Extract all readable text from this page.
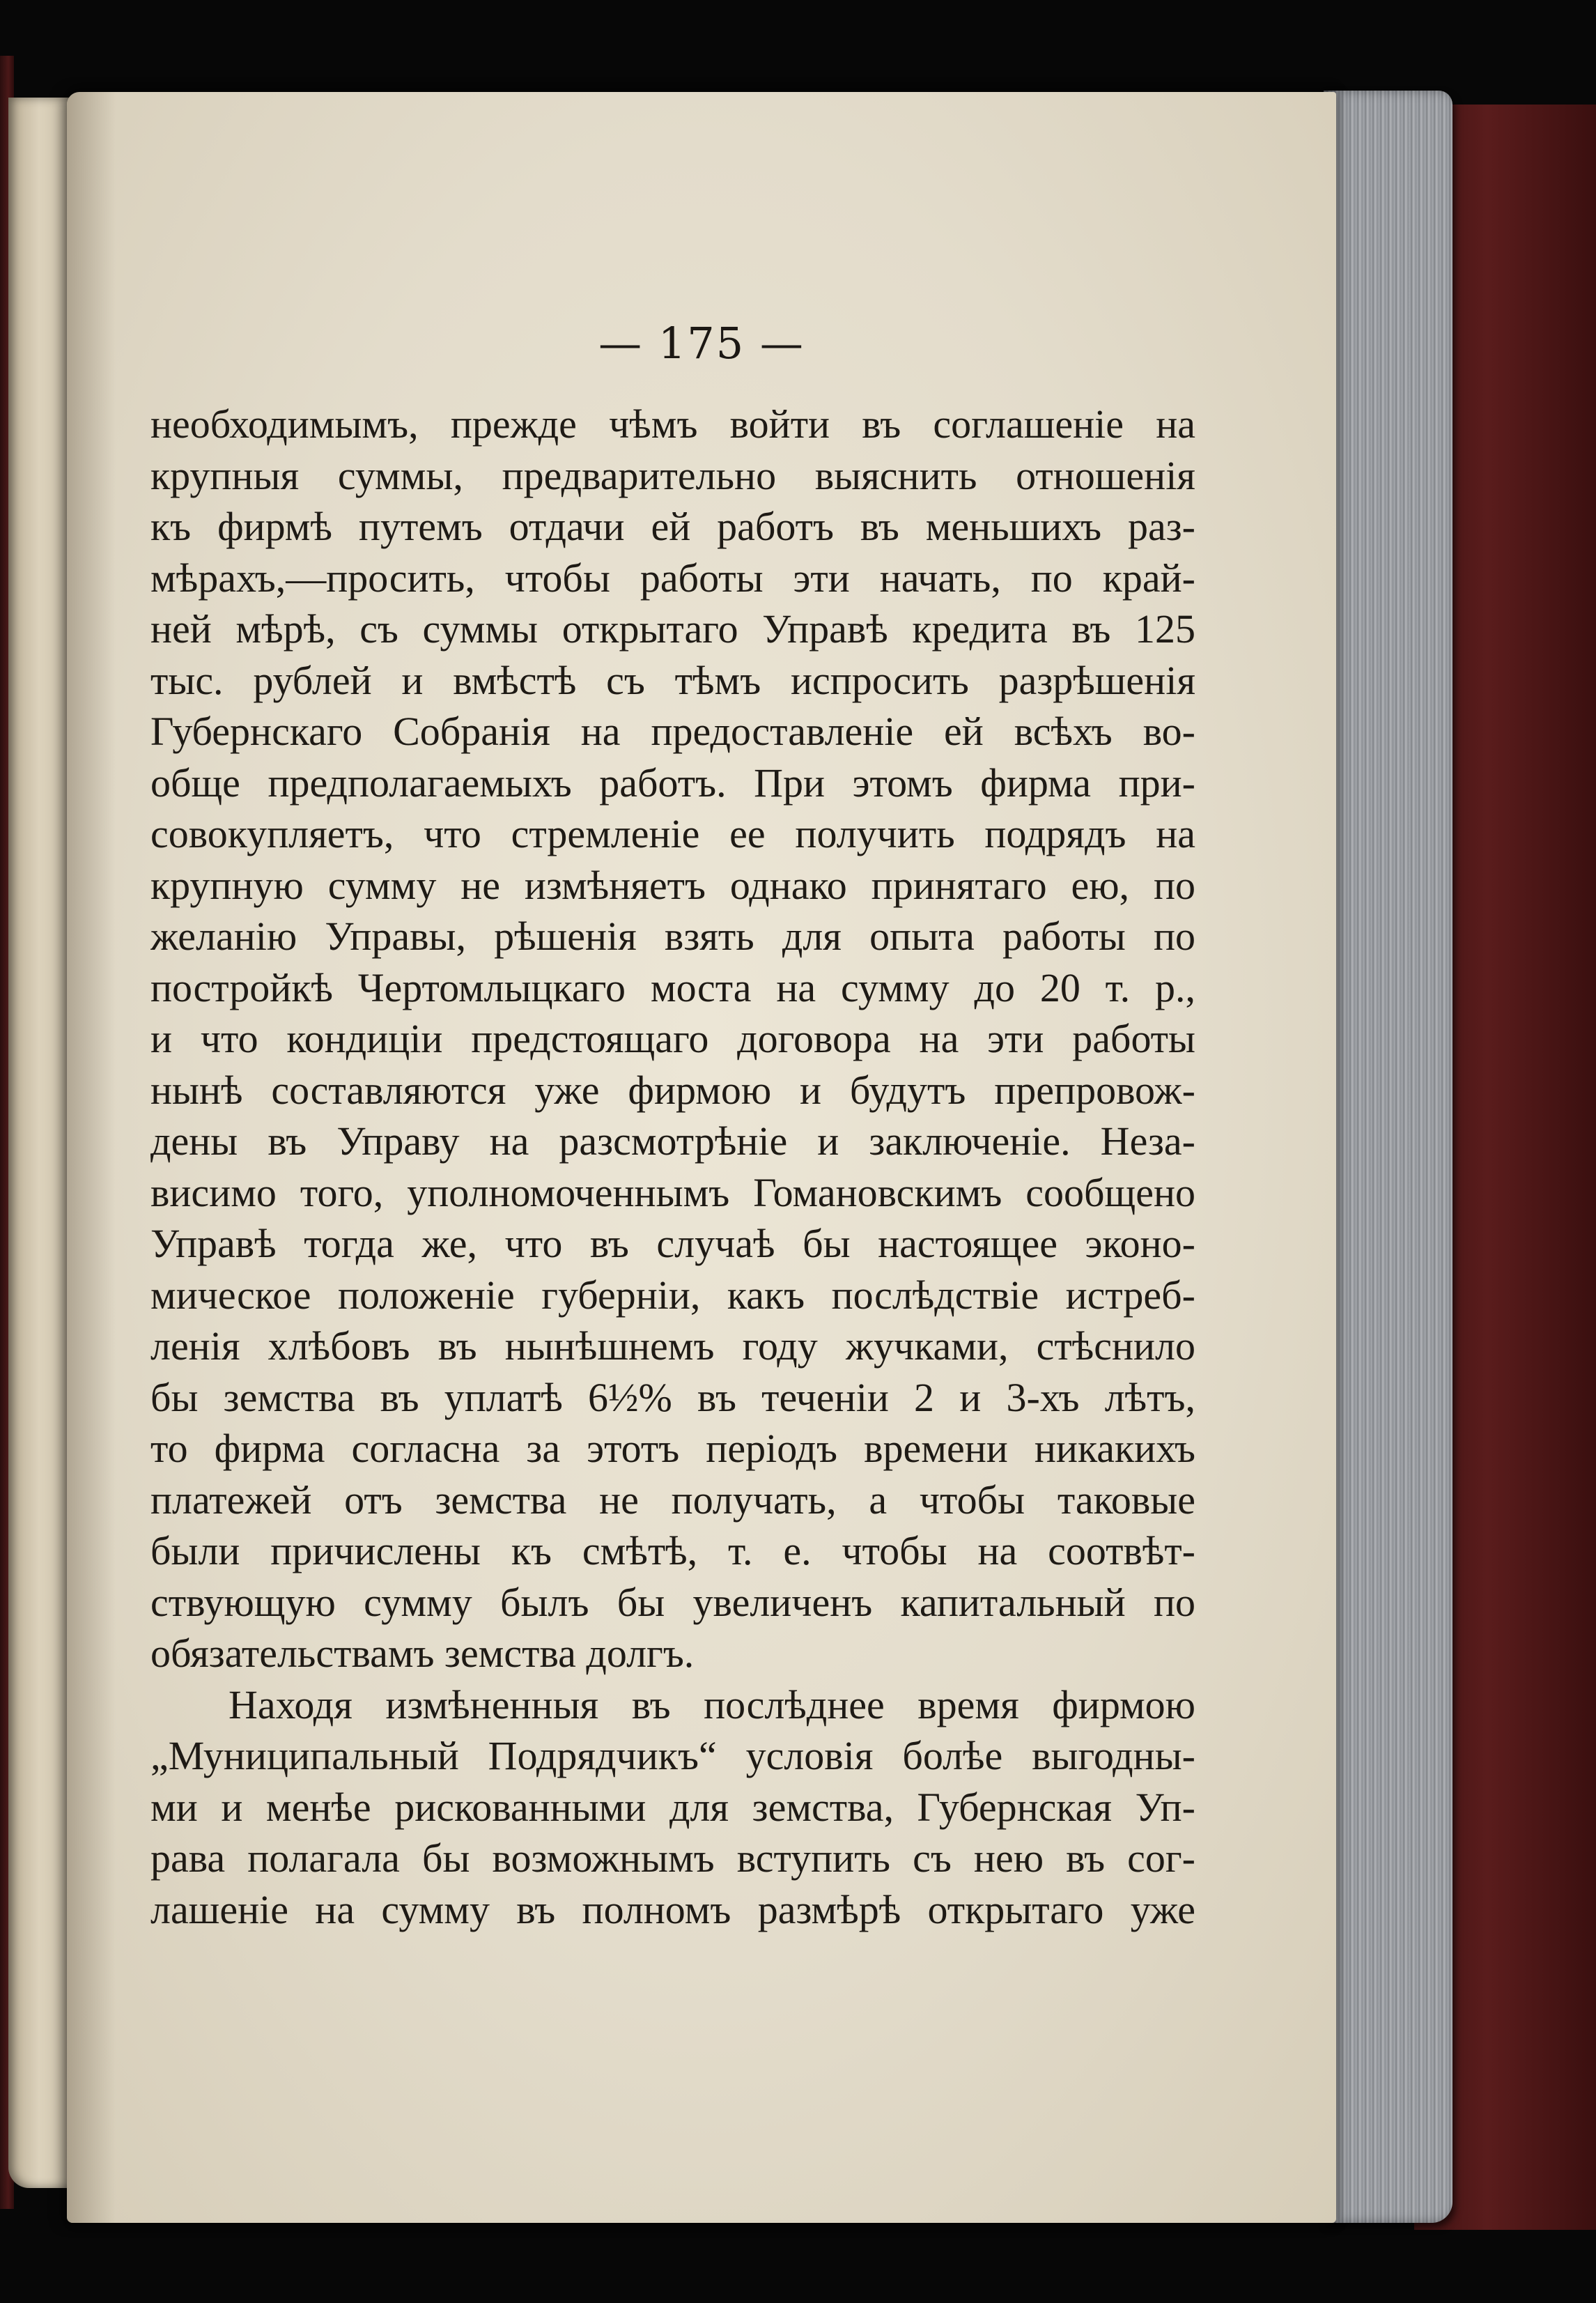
— 175 —
необходимымъ, прежде чѣмъ войти въ соглашеніе на
крупныя суммы, предварительно выяснить отношенія
къ фирмѣ путемъ отдачи ей работъ въ меньшихъ раз-
мѣрахъ,—просить, чтобы работы эти начать, по край-
ней мѣрѣ, съ суммы открытаго Управѣ кредита въ 125
тыс. рублей и вмѣстѣ съ тѣмъ испросить разрѣшенія
Губернскаго Собранія на предоставленіе ей всѣхъ во-
обще предполагаемыхъ работъ. При этомъ фирма при-
совокупляетъ, что стремленіе ее получить подрядъ на
крупную сумму не измѣняетъ однако принятаго ею, по
желанію Управы, рѣшенія взять для опыта работы по
постройкѣ Чертомлыцкаго моста на сумму до 20 т. р.,
и что кондиціи предстоящаго договора на эти работы
нынѣ составляются уже фирмою и будутъ препровож-
дены въ Управу на разсмотрѣніе и заключеніе. Неза-
висимо того, уполномоченнымъ Гомановскимъ сообщено
Управѣ тогда же, что въ случаѣ бы настоящее эконо-
мическое положеніе губерніи, какъ послѣдствіе истреб-
ленія хлѣбовъ въ нынѣшнемъ году жучками, стѣснило
бы земства въ уплатѣ 6½% въ теченіи 2 и 3-хъ лѣтъ,
то фирма согласна за этотъ періодъ времени никакихъ
платежей отъ земства не получать, а чтобы таковые
были причислены къ смѣтѣ, т. е. чтобы на соотвѣт-
ствующую сумму былъ бы увеличенъ капитальный по
обязательствамъ земства долгъ.
Находя измѣненныя въ послѣднее время фирмою
„Муниципальный Подрядчикъ“ условія болѣе выгодны-
ми и менѣе рискованными для земства, Губернская Уп-
рава полагала бы возможнымъ вступить съ нею въ сог-
лашеніе на сумму въ полномъ размѣрѣ открытаго уже
